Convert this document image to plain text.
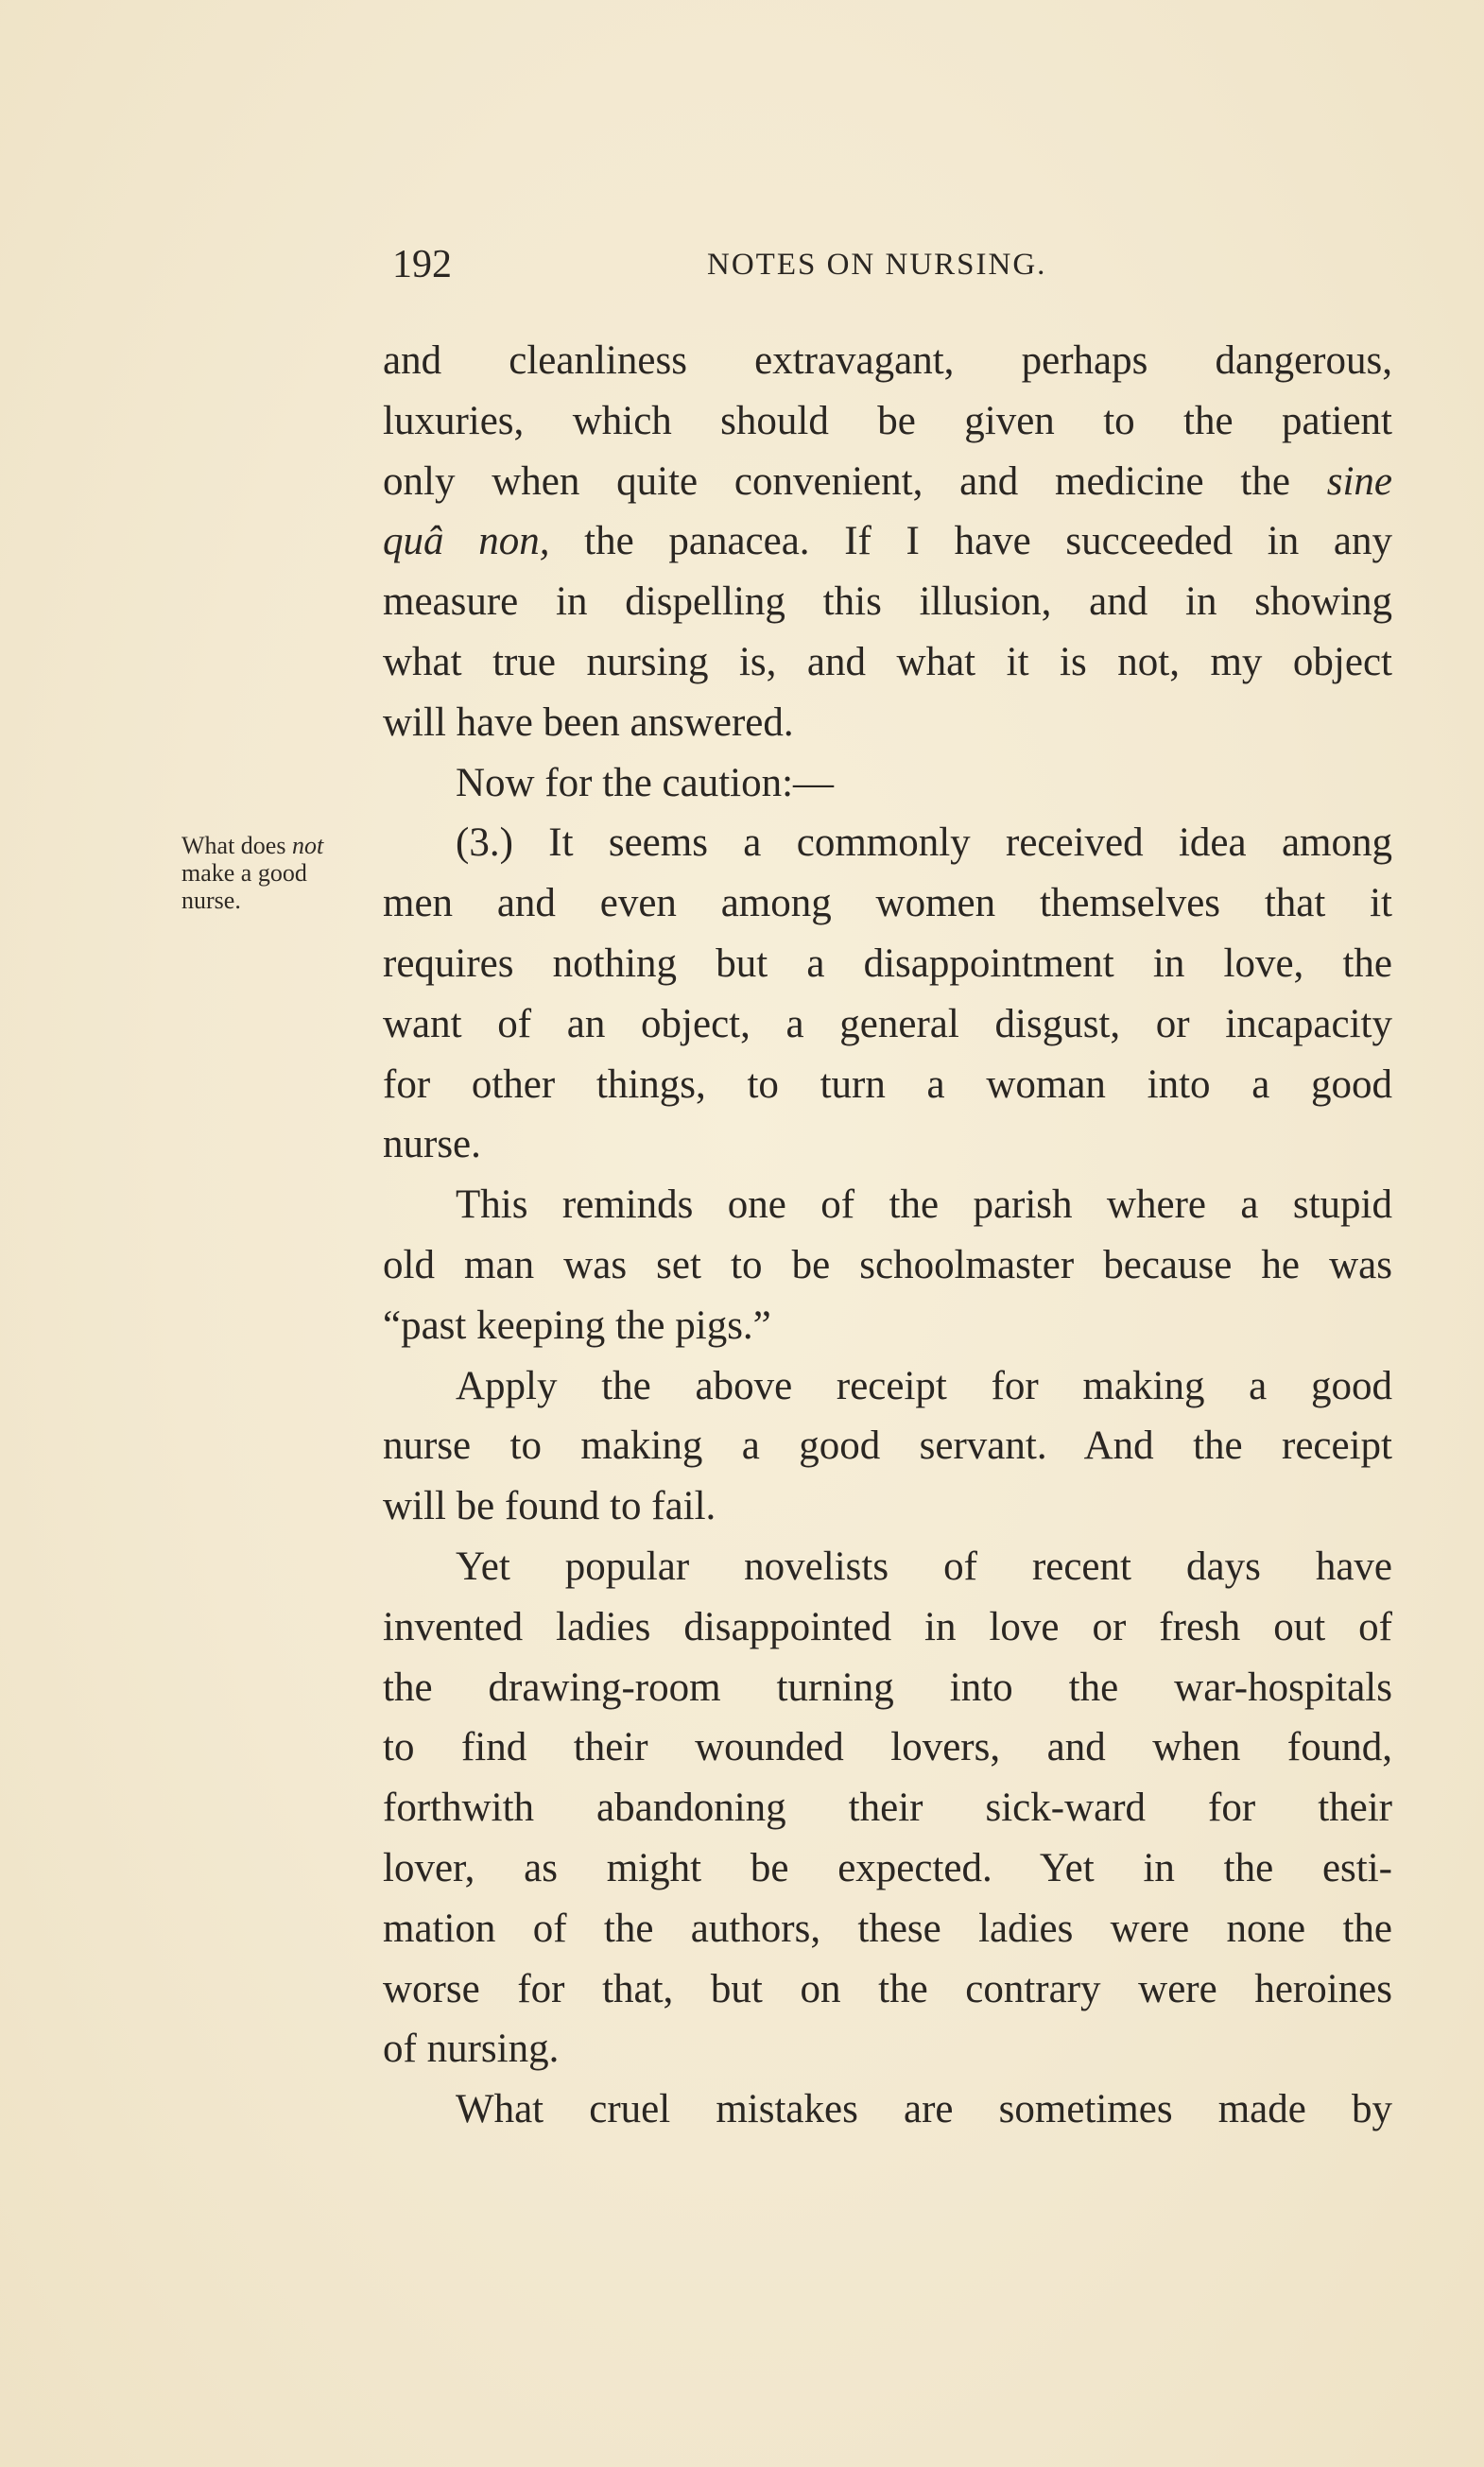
192	NOTES ON NURSING.
What does not
make a good
nurse.
and cleanliness extravagant, perhaps dangerous,
luxuries, which should be given to the patient
only when quite convenient, and medicine the sine
quâ non, the panacea. If I have succeeded in any
measure in dispelling this illusion, and in showing
what true nursing is, and what it is not, my object
will have been answered.
Now for the caution:—
(3.) It seems a commonly received idea among
men and even among women themselves that it
requires nothing but a disappointment in love, the
want of an object, a general disgust, or incapacity
for other things, to turn a woman into a good
nurse.
This reminds one of the parish where a stupid
old man was set to be schoolmaster because he was
“past keeping the pigs.”
Apply the above receipt for making a good
nurse to making a good servant. And the receipt
will be found to fail.
Yet popular novelists of recent days have
invented ladies disappointed in love or fresh out of
the drawing-room turning into the war-hospitals
to find their wounded lovers, and when found,
forthwith abandoning their sick-ward for their
lover, as might be expected. Yet in the esti-
mation of the authors, these ladies were none the
worse for that, but on the contrary were heroines
of nursing.
What cruel mistakes are sometimes made by
